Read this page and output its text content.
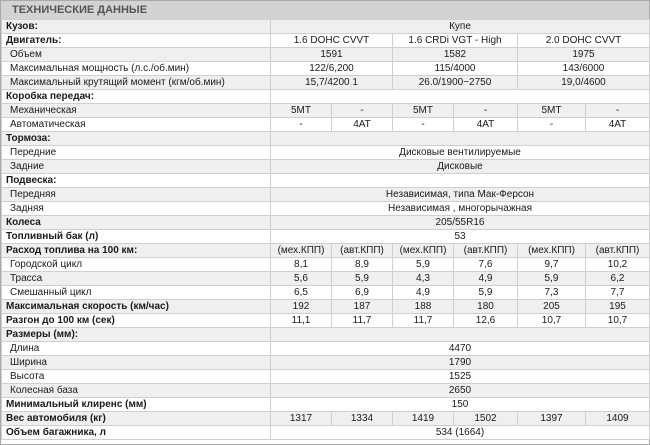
ТЕХНИЧЕСКИЕ ДАННЫЕ
Кузов:	Купе					
Двигатель:	1.6 DOHC CVVT		1.6 CRDi VGT - High		2.0 DOHC CVVT	
Объем	1591		1582		1975	
Максимальная мощность (л.с./об.мин)	122/6,200		115/4000		143/6000	
Максимальный крутящий момент (кгм/об.мин)	15,7/4200 1		26.0/1900~2750		19,0/4600	
Коробка передач:						
Механическая	5MT	-	5MT	-	5MT	-
Автоматическая	-	4AT	-	4AT	-	4AT
Тормоза:						
Передние	Дисковые вентилируемые					
Задние	Дисковые					
Подвеска:						
Передняя	Независимая, типа Мак-Ферсон					
Задняя	Независимая , многорычажная					
Колеса	205/55R16					
Топливный бак (л)	53					
Расход топлива на 100 км:	(мех.КПП)	(авт.КПП)	(мех.КПП)	(авт.КПП)	(мех.КПП)	(авт.КПП)
Городской цикл	8,1	8,9	5,9	7,6	9,7	10,2
Трасса	5,6	5,9	4,3	4,9	5,9	6,2
Смешанный цикл	6,5	6,9	4,9	5,9	7,3	7,7
Максимальная скорость (км/час)	192	187	188	180	205	195
Разгон до 100 км (сек)	11,1	11,7	11,7	12,6	10,7	10,7
Размеры (мм):						
Длина	4470					
Ширина	1790					
Высота	1525					
Колесная база	2650					
Минимальный клиренс (мм)	150					
Вес автомобиля (кг)	1317	1334	1419	1502	1397	1409
Объем багажника, л	534 (1664)					
